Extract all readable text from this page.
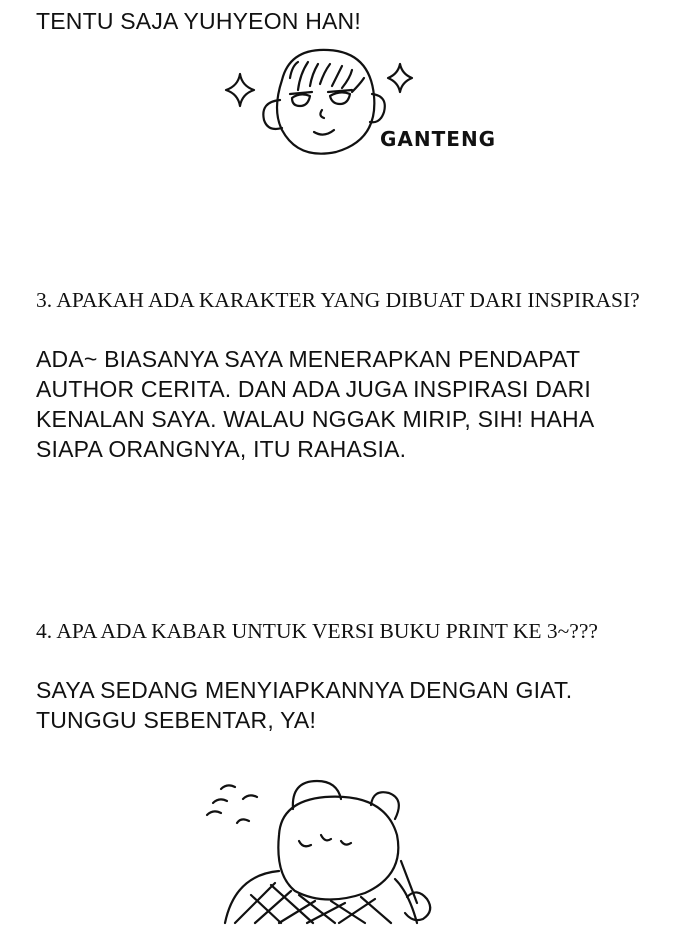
TENTU SAJA YUHYEON HAN!
GANTENG
3. APAKAH ADA KARAKTER YANG DIBUAT DARI INSPIRASI?
ADA~ BIASANYA SAYA MENERAPKAN PENDAPAT
AUTHOR CERITA. DAN ADA JUGA INSPIRASI DARI
KENALAN SAYA. WALAU NGGAK MIRIP, SIH! HAHA
SIAPA ORANGNYA, ITU RAHASIA.
4. APA ADA KABAR UNTUK VERSI BUKU PRINT KE 3~???
SAYA SEDANG MENYIAPKANNYA DENGAN GIAT.
TUNGGU SEBENTAR, YA!
